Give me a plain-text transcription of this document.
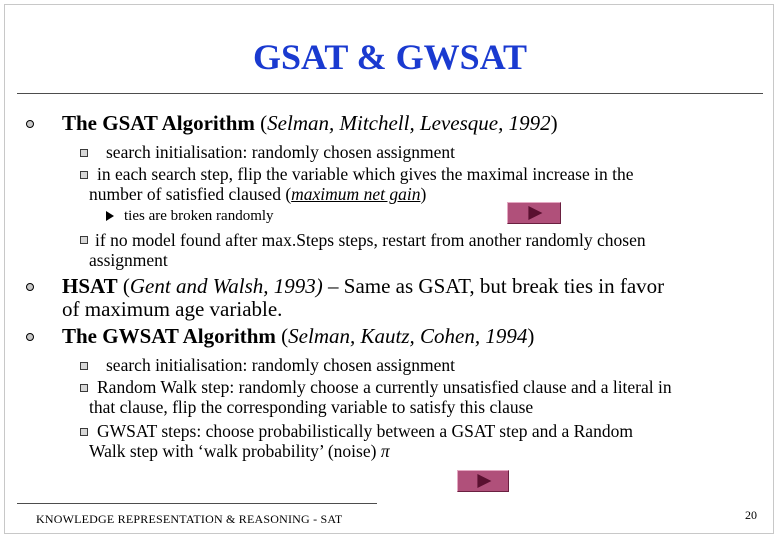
GSAT & GWSAT
The GSAT Algorithm (Selman, Mitchell, Levesque, 1992)
search initialisation: randomly chosen assignment
in each search step, flip the variable which gives the maximal increase in the
number of satisfied claused (maximum net gain)
ties are broken randomly
if no model found after max.Steps steps, restart from another randomly chosen
assignment
HSAT (Gent and Walsh, 1993) – Same as GSAT, but break ties in favor
of maximum age variable.
The GWSAT Algorithm (Selman, Kautz, Cohen, 1994)
search initialisation: randomly chosen assignment
Random Walk step: randomly choose a currently unsatisfied clause and a literal in
that clause, flip the corresponding variable to satisfy this clause
GWSAT steps: choose probabilistically between a GSAT step and a Random
Walk step with ‘walk probability’ (noise) π
KNOWLEDGE REPRESENTATION & REASONING - SAT	20
